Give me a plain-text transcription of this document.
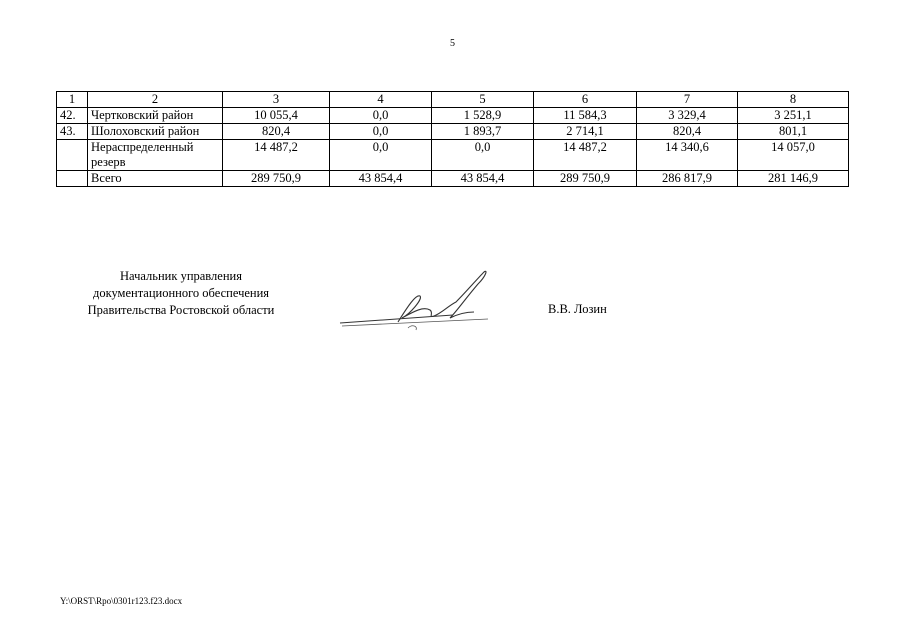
5
1	2	3	4	5	6	7	8
42.	Чертковский район	10 055,4	0,0	1 528,9	11 584,3	3 329,4	3 251,1
43.	Шолоховский район	820,4	0,0	1 893,7	2 714,1	820,4	801,1
	Нераспределенный резерв	14 487,2	0,0	0,0	14 487,2	14 340,6	14 057,0
	Всего	289 750,9	43 854,4	43 854,4	289 750,9	286 817,9	281 146,9
Начальник управления
документационного обеспечения
Правительства Ростовской области	В.В. Лозин
Y:\ORST\Rpo\0301r123.f23.docx
